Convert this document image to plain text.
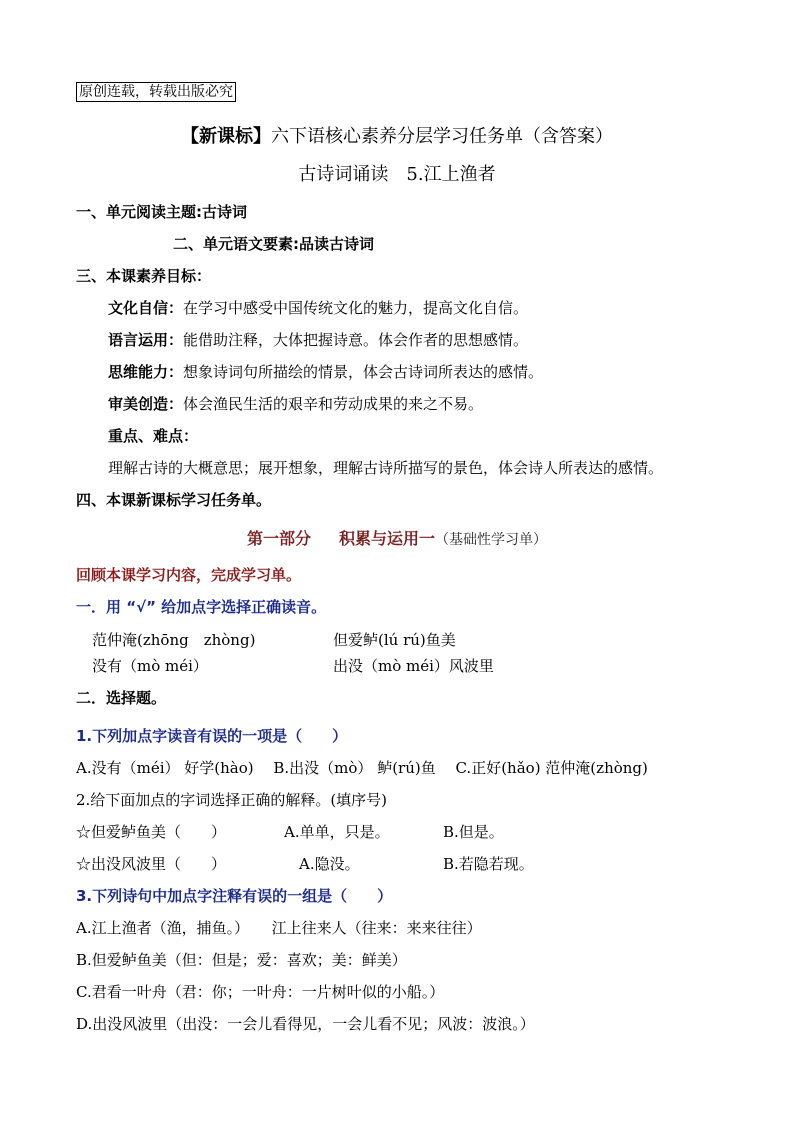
原创连载，转载出版必究
【新课标】六下语核心素养分层学习任务单（含答案）
古诗词诵读　5.江上渔者
一、单元阅读主题:古诗词
二、单元语文要素:品读古诗词
三、本课素养目标：
文化自信：在学习中感受中国传统文化的魅力，提高文化自信。
语言运用：能借助注释，大体把握诗意。体会作者的思想感情。
思维能力：想象诗词句所描绘的情景，体会古诗词所表达的感情。
审美创造：体会渔民生活的艰辛和劳动成果的来之不易。
重点、难点：
理解古诗的大概意思；展开想象，理解古诗所描写的景色，体会诗人所表达的感情。
四、本课新课标学习任务单。
第一部分 积累与运用一（基础性学习单）
回顾本课学习内容，完成学习单。
一．用 “√” 给加点字选择正确读音。
范仲淹(zhōng　zhòng)	但爱鲈(lú rú)鱼美
没有（mò méi）	出没（mò méi）风波里
二．选择题。
1.下列加点字读音有误的一项是（　　）
A.没有（méi） 好学(hào)　 B.出没（mò） 鲈(rú)鱼　 C.正好(hǎo) 范仲淹(zhòng)
2.给下面加点的字词选择正确的解释。(填序号)
☆但爱鲈鱼美（　　）	A.单单，只是。	B.但是。
☆出没风波里（　　）	A.隐没。	B.若隐若现。
3.下列诗句中加点字注释有误的一组是（　　）
A.江上渔者（渔，捕鱼。）　　江上往来人（往来：来来往往）
B.但爱鲈鱼美（但：但是；爱：喜欢；美：鲜美）
C.君看一叶舟（君：你；一叶舟：一片树叶似的小船。）
D.出没风波里（出没：一会儿看得见，一会儿看不见；风波：波浪。）
